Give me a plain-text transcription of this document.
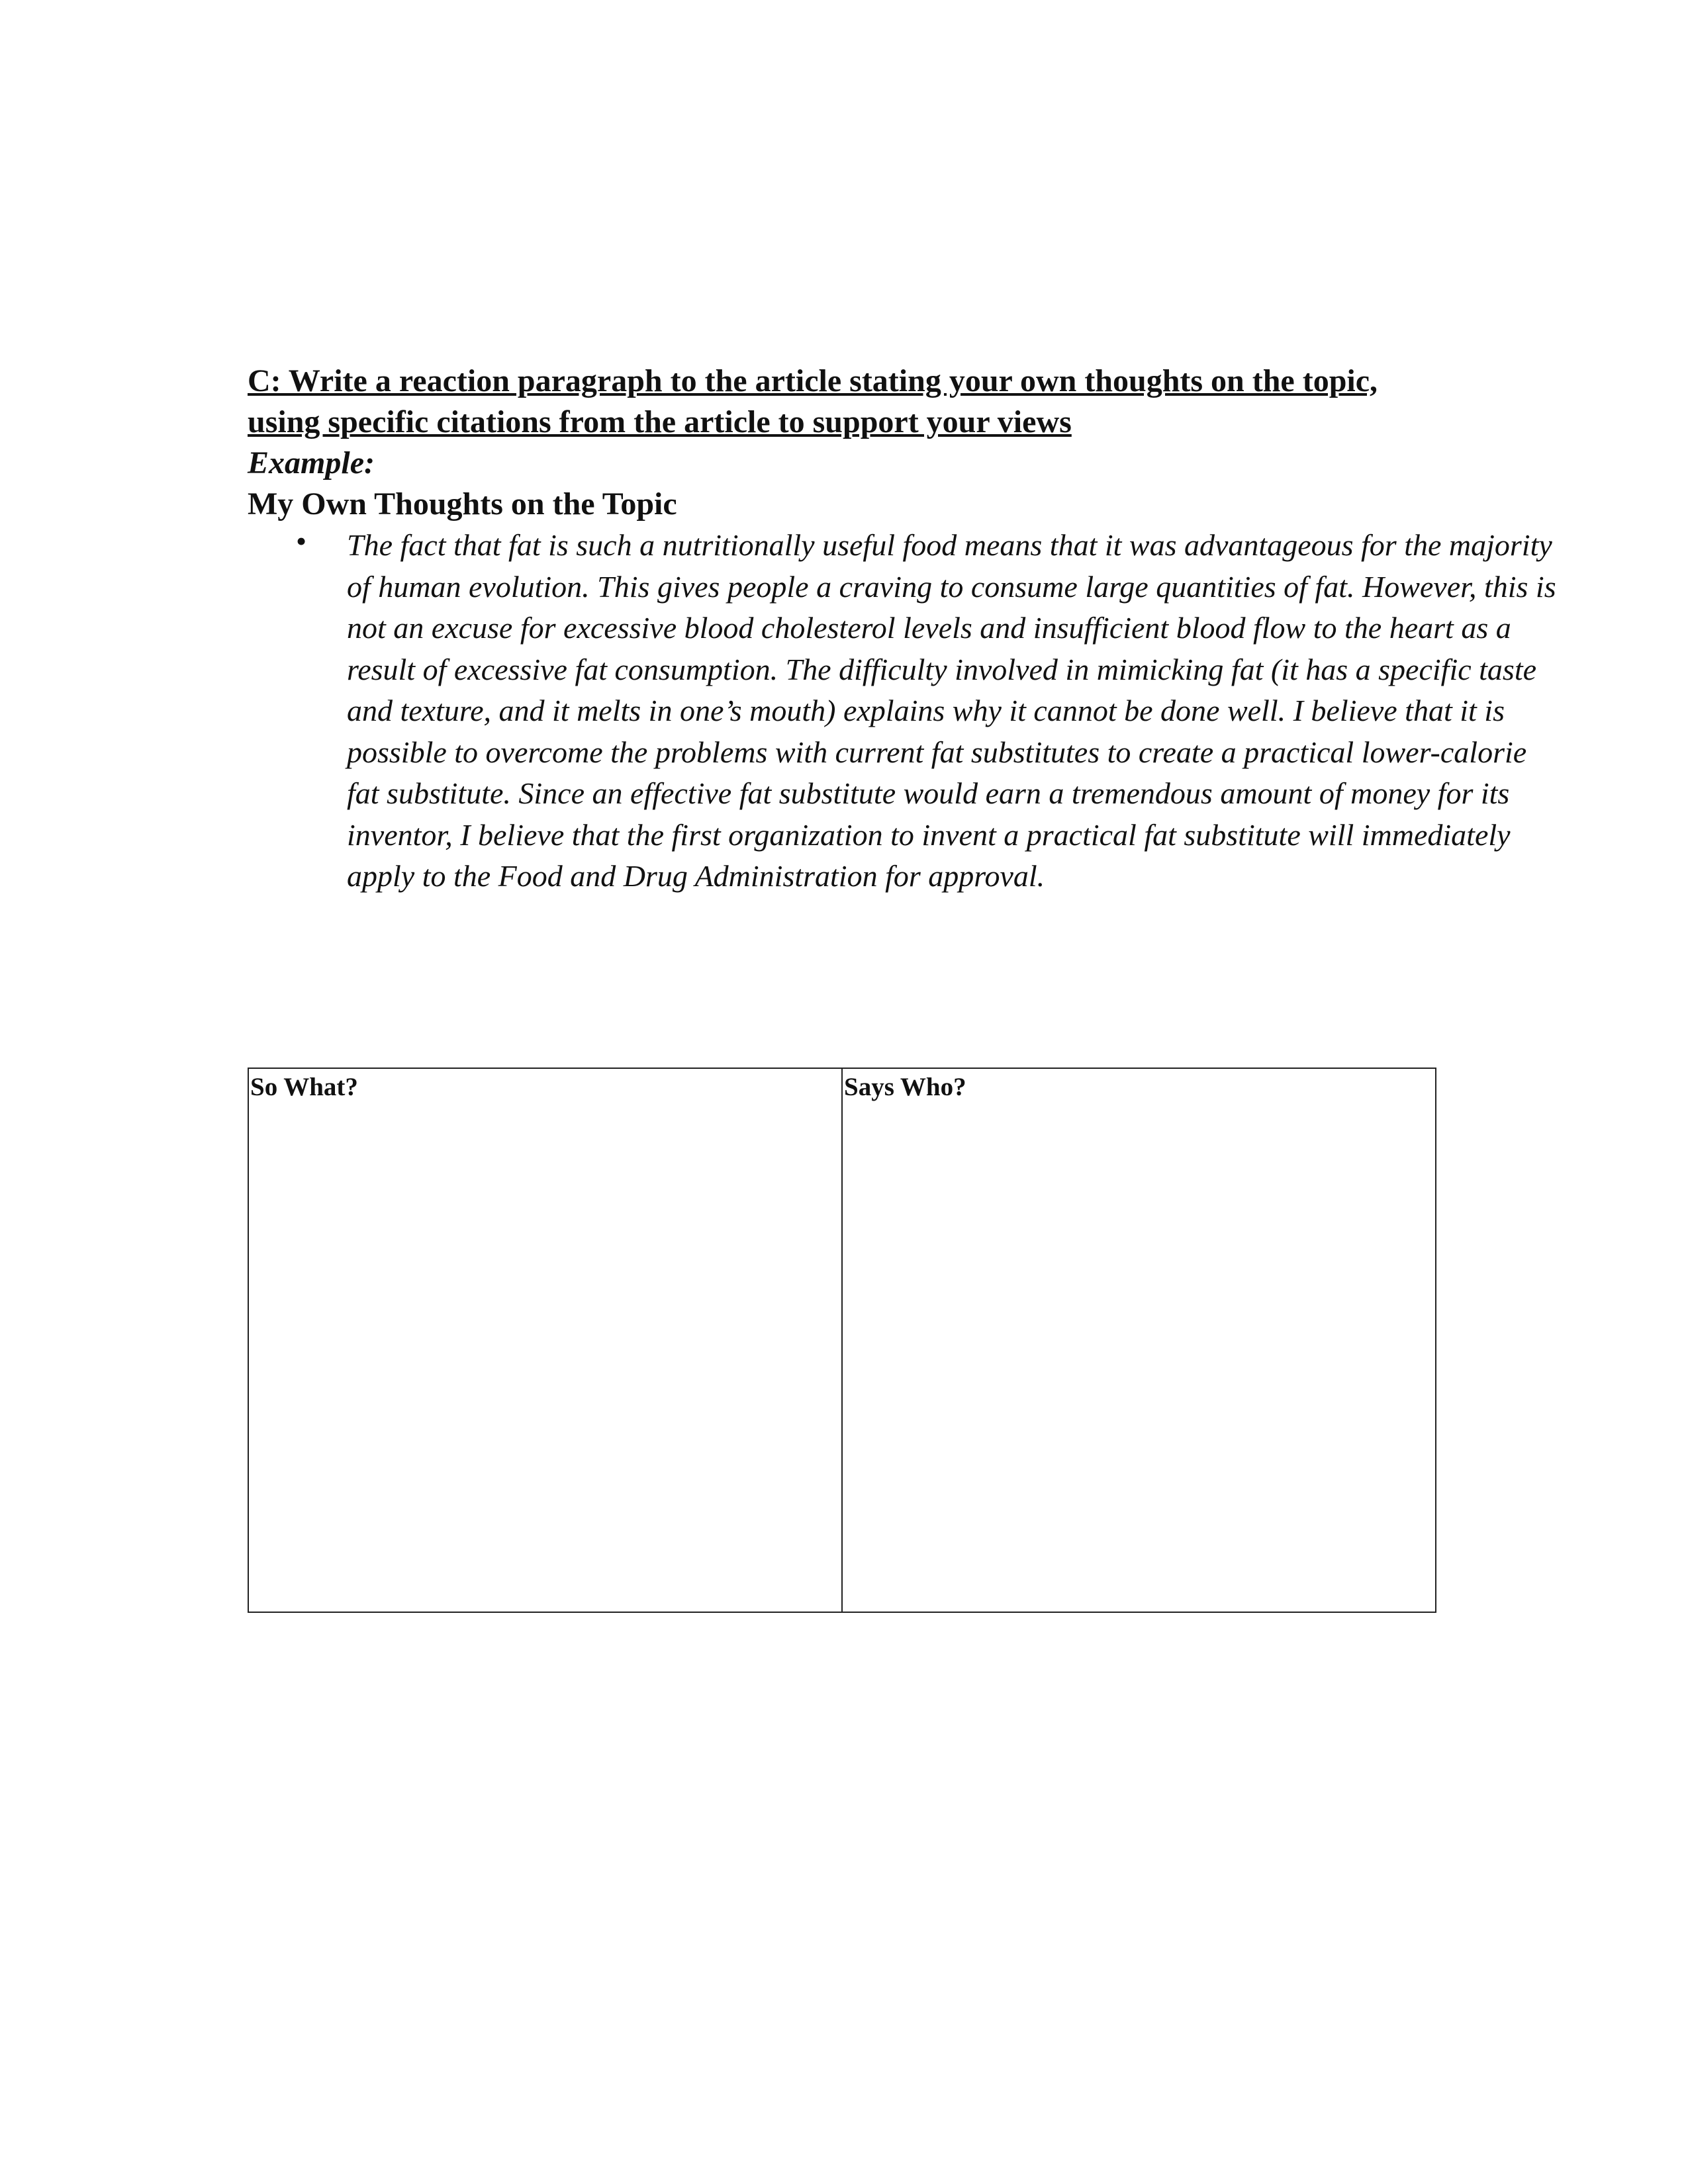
C: Write a reaction paragraph to the article stating your own thoughts on the topic, using specific citations from the article to support your views

Example:

My Own Thoughts on the Topic

• The fact that fat is such a nutritionally useful food means that it was advantageous for the majority of human evolution. This gives people a craving to consume large quantities of fat. However, this is not an excuse for excessive blood cholesterol levels and insufficient blood flow to the heart as a result of excessive fat consumption. The difficulty involved in mimicking fat (it has a specific taste and texture, and it melts in one’s mouth) explains why it cannot be done well. I believe that it is possible to overcome the problems with current fat substitutes to create a practical lower-calorie fat substitute. Since an effective fat substitute would earn a tremendous amount of money for its inventor, I believe that the first organization to invent a practical fat substitute will immediately apply to the Food and Drug Administration for approval.
So What?	Says Who?
